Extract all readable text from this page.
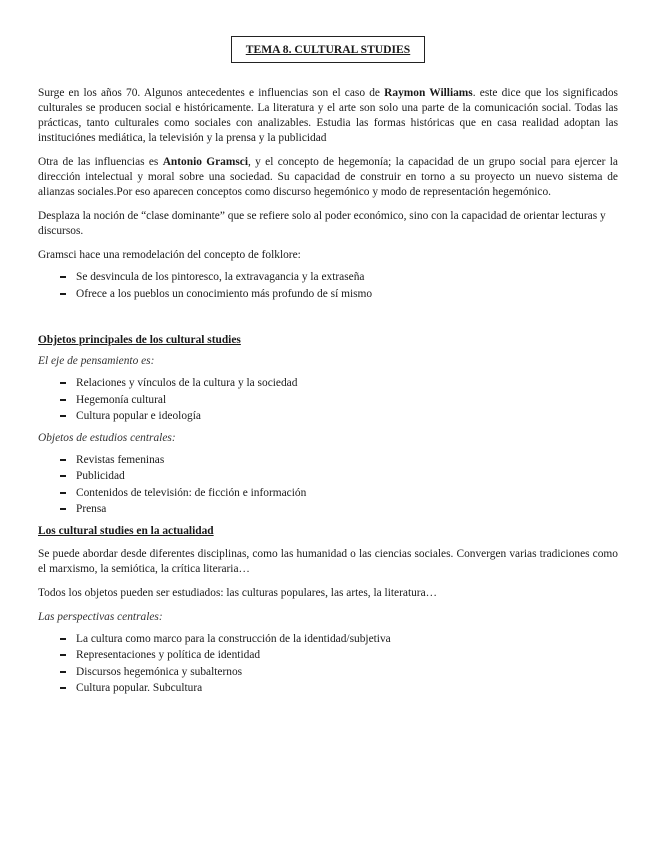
TEMA 8. CULTURAL STUDIES

Surge en los años 70. Algunos antecedentes e influencias son el caso de Raymon Williams. este dice que los significados culturales se producen social e históricamente. La literatura y el arte son solo una parte de la comunicación social. Todas las prácticas, tanto culturales como sociales con analizables. Estudia las formas históricas que en casa realidad adoptan las instituciónes mediática, la televisión y la prensa y la publicidad

Otra de las influencias es Antonio Gramsci, y el concepto de hegemonía; la capacidad de un grupo social para ejercer la dirección intelectual y moral sobre una sociedad. Su capacidad de construir en torno a su proyecto un nuevo sistema de alianzas sociales.Por eso aparecen conceptos como discurso hegemónico y modo de representación hegemónico.

Desplaza la noción de “clase dominante” que se refiere solo al poder económico, sino con la capacidad de orientar lecturas y discursos.

Gramsci hace una remodelación del concepto de folklore:

Se desvincula de los pintoresco, la extravagancia y la extraseña
Ofrece a los pueblos un conocimiento más profundo de sí mismo

Objetos principales de los cultural studies

El eje de pensamiento es:

Relaciones y vínculos de la cultura y la sociedad
Hegemonía cultural
Cultura popular e ideología

Objetos de estudios centrales:

Revistas femeninas
Publicidad
Contenidos de televisión: de ficción e información
Prensa

Los cultural studies en la actualidad

Se puede abordar desde diferentes disciplinas, como las humanidad o las ciencias sociales. Convergen varias tradiciones como el marxismo, la semiótica, la crítica literaria…

Todos los objetos pueden ser estudiados: las culturas populares, las artes, la literatura…

Las perspectivas centrales:

La cultura como marco para la construcción de la identidad/subjetiva
Representaciones y política de identidad
Discursos hegemónica y subalternos
Cultura popular. Subcultura
